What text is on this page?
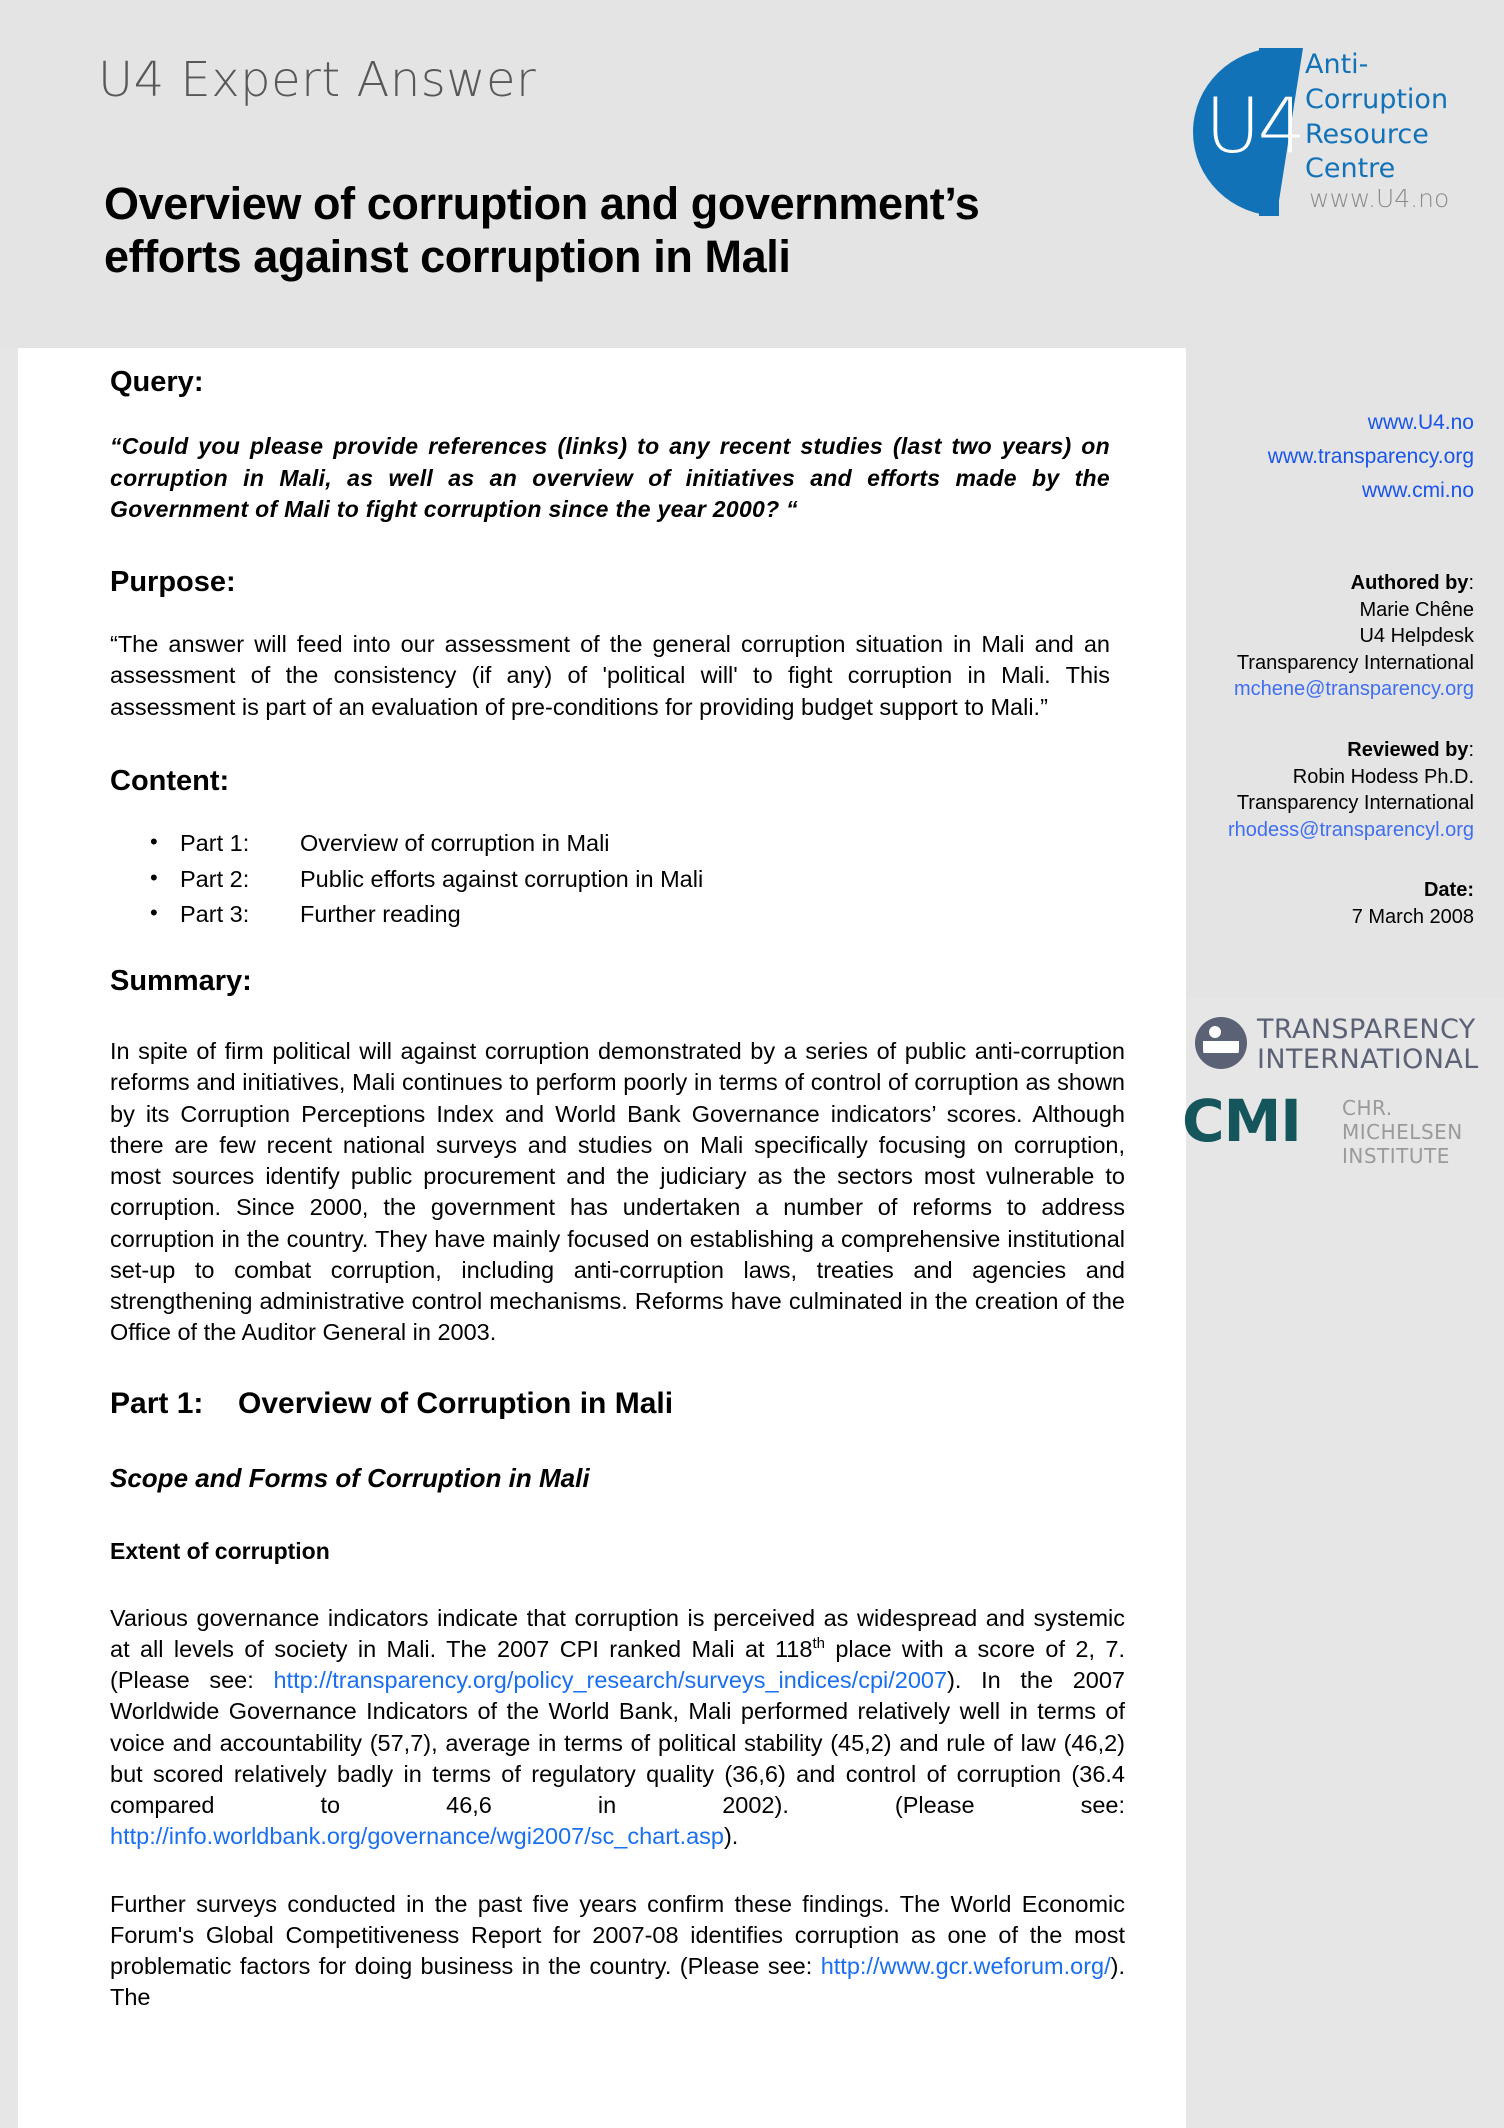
U4 Expert Answer
Overview of corruption and government’s efforts against corruption in Mali
U4
Anti-
Corruption
Resource
Centre
www.U4.no
Query:

“Could you please provide references (links) to any recent studies (last two years) on corruption in Mali, as well as an overview of initiatives and efforts made by the Government of Mali to fight corruption since the year 2000? “

Purpose:

“The answer will feed into our assessment of the general corruption situation in Mali and an assessment of the consistency (if any) of 'political will' to fight corruption in Mali. This assessment is part of an evaluation of pre-conditions for providing budget support to Mali.”

Content:
• Part 1: Overview of corruption in Mali
• Part 2: Public efforts against corruption in Mali
• Part 3: Further reading
Summary:

In spite of firm political will against corruption demonstrated by a series of public anti-corruption reforms and initiatives, Mali continues to perform poorly in terms of control of corruption as shown by its Corruption Perceptions Index and World Bank Governance indicators’ scores. Although there are few recent national surveys and studies on Mali specifically focusing on corruption, most sources identify public procurement and the judiciary as the sectors most vulnerable to corruption. Since 2000, the government has undertaken a number of reforms to address corruption in the country. They have mainly focused on establishing a comprehensive institutional set-up to combat corruption, including anti-corruption laws, treaties and agencies and strengthening administrative control mechanisms. Reforms have culminated in the creation of the Office of the Auditor General in 2003.

Part 1: Overview of Corruption in Mali
Scope and Forms of Corruption in Mali
Extent of corruption

Various governance indicators indicate that corruption is perceived as widespread and systemic at all levels of society in Mali. The 2007 CPI ranked Mali at 118th place with a score of 2, 7. (Please see: http://transparency.org/policy_research/surveys_indices/cpi/2007). In the 2007 Worldwide Governance Indicators of the World Bank, Mali performed relatively well in terms of voice and accountability (57,7), average in terms of political stability (45,2) and rule of law (46,2) but scored relatively badly in terms of regulatory quality (36,6) and control of corruption (36.4 compared to 46,6 in 2002). (Please see: http://info.worldbank.org/governance/wgi2007/sc_chart.asp).

Further surveys conducted in the past five years confirm these findings. The World Economic Forum's Global Competitiveness Report for 2007-08 identifies corruption as one of the most problematic factors for doing business in the country. (Please see: http://www.gcr.weforum.org/). The

www.U4.no
www.transparency.org
www.cmi.no
Authored by:
Marie Chêne
U4 Helpdesk
Transparency International
mchene@transparency.org
Reviewed by:
Robin Hodess Ph.D.
Transparency International
rhodess@transparencyl.org
Date:
7 March 2008
TRANSPARENCY
INTERNATIONAL
CMI CHR.
MICHELSEN
INSTITUTE
